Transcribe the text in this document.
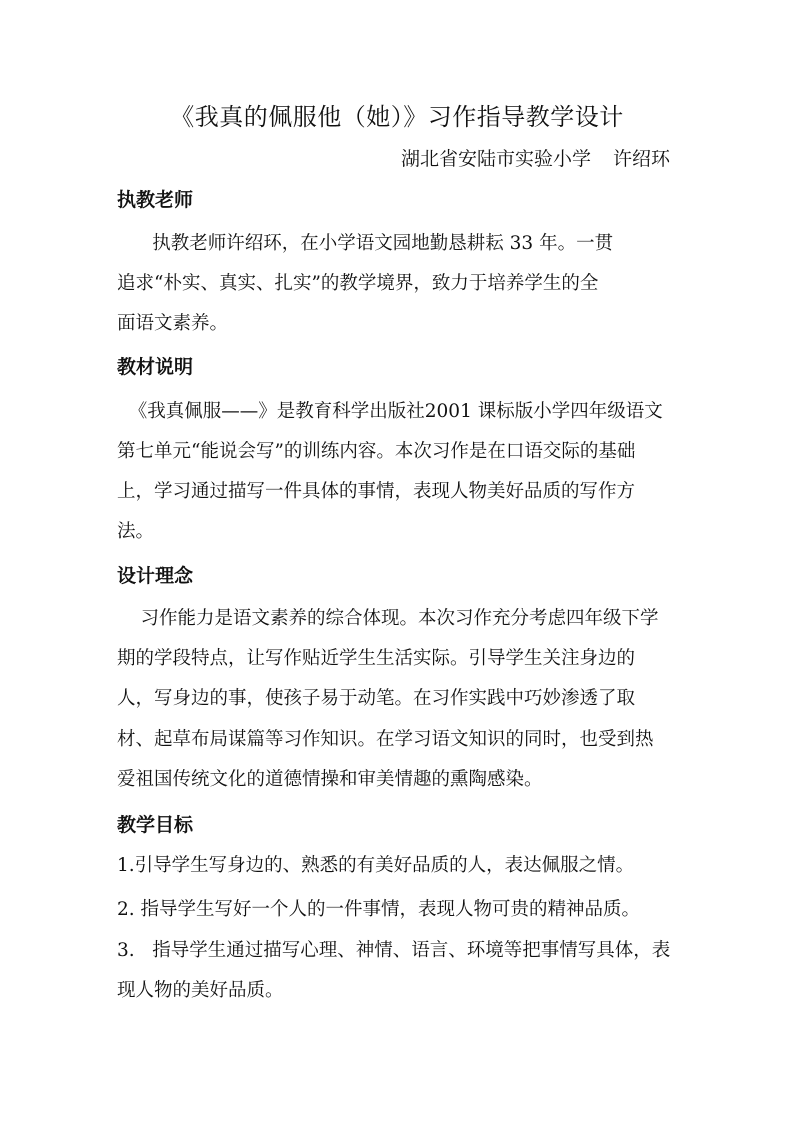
《我真的佩服他（她）》习作指导教学设计
湖北省安陆市实验小学 许绍环
执教老师
执教老师许绍环，在小学语文园地勤恳耕耘 33 年。一贯
追求“朴实、真实、扎实”的教学境界，致力于培养学生的全
面语文素养。
教材说明
《我真佩服——》是教育科学出版社2001 课标版小学四年级语文
第七单元“能说会写”的训练内容。本次习作是在口语交际的基础
上，学习通过描写一件具体的事情，表现人物美好品质的写作方
法。
设计理念
习作能力是语文素养的综合体现。本次习作充分考虑四年级下学
期的学段特点，让写作贴近学生生活实际。引导学生关注身边的
人，写身边的事，使孩子易于动笔。在习作实践中巧妙渗透了取
材、起草布局谋篇等习作知识。在学习语文知识的同时，也受到热
爱祖国传统文化的道德情操和审美情趣的熏陶感染。
教学目标
1.引导学生写身边的、熟悉的有美好品质的人，表达佩服之情。
2. 指导学生写好一个人的一件事情，表现人物可贵的精神品质。
3.   指导学生通过描写心理、神情、语言、环境等把事情写具体，表
现人物的美好品质。
